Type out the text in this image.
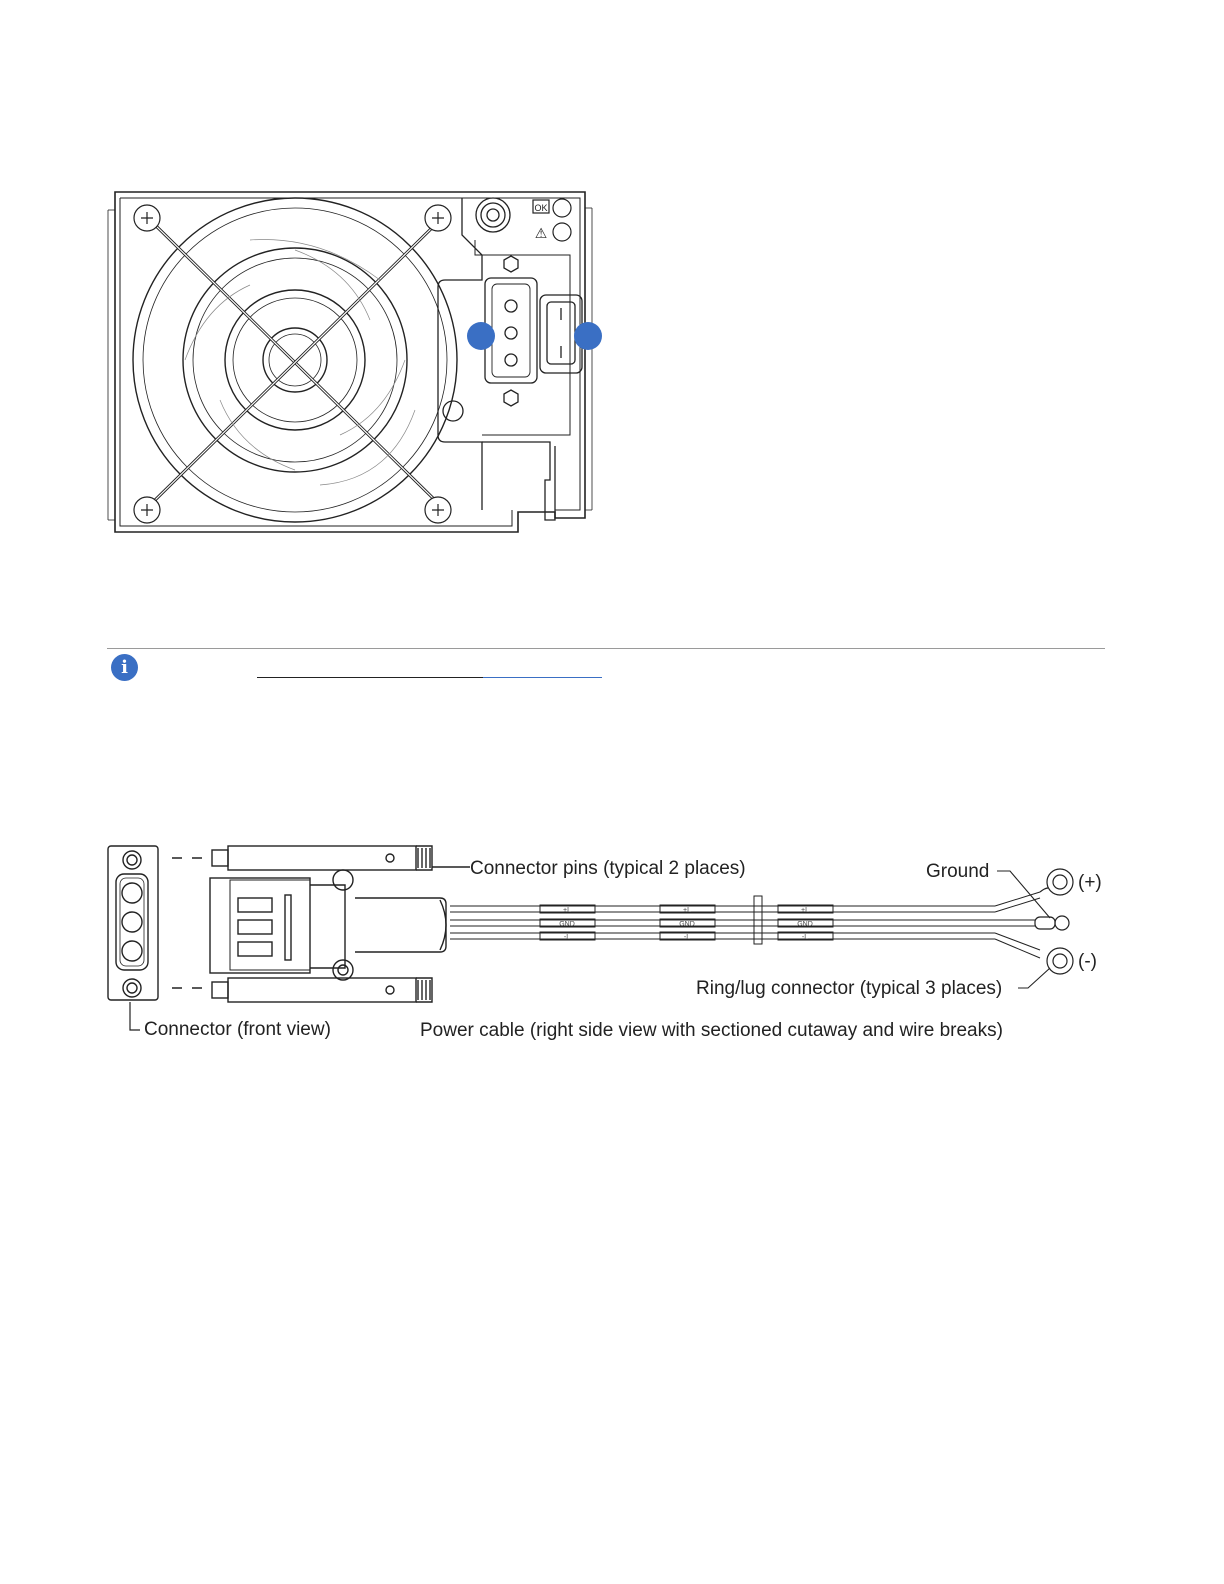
OK
⚠
i
+L
GND
-L
+L
GND
-L
+L
GND
-L
Connector pins (typical 2 places)	Ground
(+)
(-)
Ring/lug connector (typical 3 places)
Connector (front view)	Power cable (right side view with sectioned cutaway and wire breaks)
